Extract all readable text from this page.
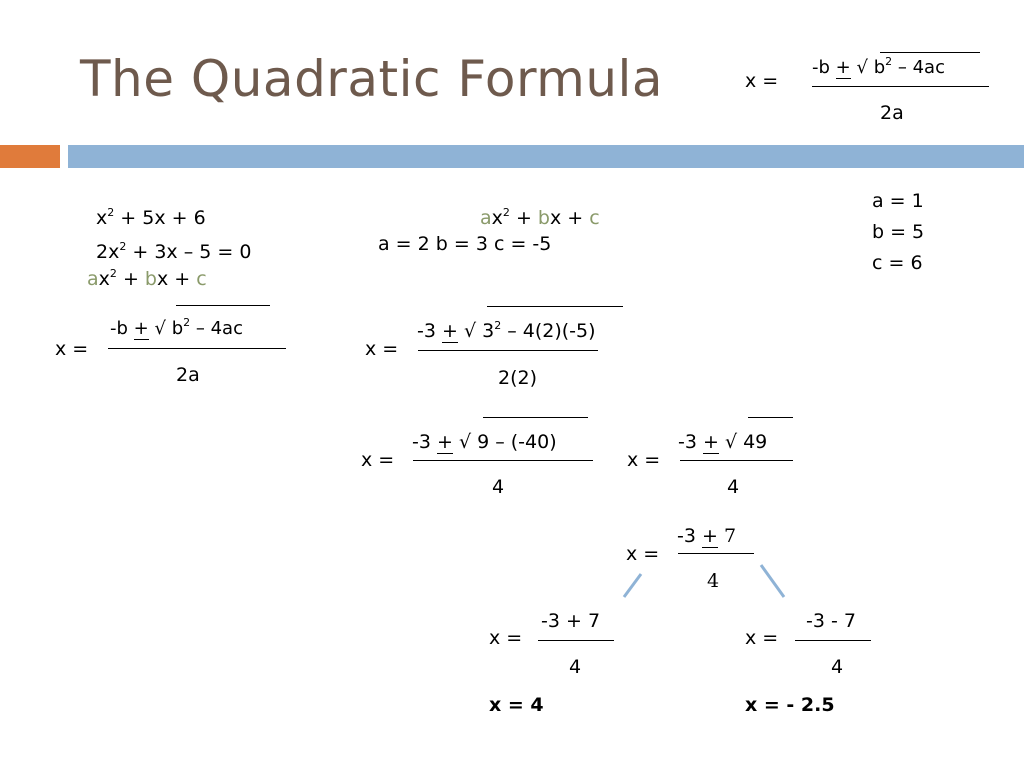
The Quadratic Formula	x =
-b + √ $b^2 - 4ac$
2a
a = 1
b = 5
c = 6
$x^2 + 5x + 6$
$2x^2 + 3x - 5 = 0$
$ax^2$ + bx + c
$ax^2$ + bx + c
a = 2 b = 3 c = -5
x =
-b + √ $b^2 - 4ac$
2a
x =
-3 + √ $3^2 - 4(2)(-5)$
2(2)
x =
-3 + √ 9 – (-40)
4
x =
-3 + √ 49
4
x =
-3 + 7
4
x =
-3 + 7
4
x = 4
x =
-3 - 7
4
x = - 2.5
